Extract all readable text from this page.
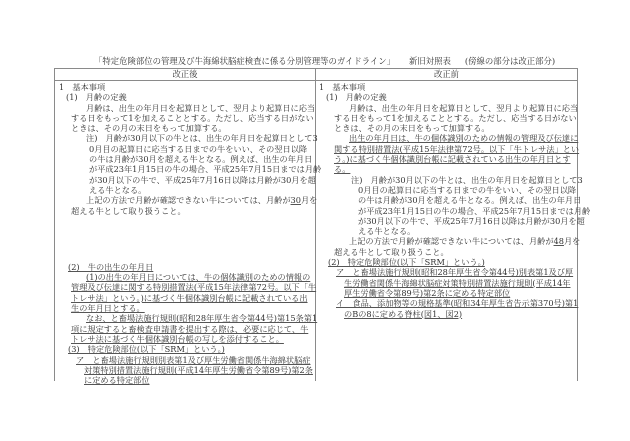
「特定危険部位の管理及び牛海綿状脳症検査に係る分別管理等のガイドライン」 新旧対照表 (傍線の部分は改正部分)
改正後	改正前
1　基本事項
(1)　月齢の定義
月齢は、出生の年月日を起算日として、翌月より起算日に応当
する日をもって1を加えることとする。ただし、応当する日がない
ときは、その月の末日をもって加算する。
注)　月齢が30月以下の牛とは、出生の年月日を起算日として3
0月目の起算日に応当する日までの牛をいい、その翌日以降
の牛は月齢が30月を超える牛となる。例えば、出生の年月日
が平成23年1月15日の牛の場合、平成25年7月15日までは月齢
が30月以下の牛で、平成25年7月16日以降は月齢が30月を超
える牛となる。
上記の方法で月齢が確認できない牛については、月齢が30月を
超える牛として取り扱うこと。
(2)　牛の出生の年月日
(1)の出生の年月日については、牛の個体識別のための情報の
管理及び伝達に関する特別措置法(平成15年法律第72号。以下「牛
トレサ法」という。)に基づく牛個体識別台帳に記載されている出
生の年月日とする。
なお、と畜場法施行規則(昭和28年厚生省令第44号)第15条第1
項に規定すると畜検査申請書を提出する際は、必要に応じて、牛
トレサ法に基づく牛個体識別台帳の写しを添付すること。
(3)　特定危険部位(以下「SRM」という。)
ア　と畜場法施行規則別表第1及び厚生労働省関係牛海綿状脳症
対策特別措置法施行規則(平成14年厚生労働省令第89号)第2条
に定める特定部位
1　基本事項
(1)　月齢の定義
月齢は、出生の年月日を起算日として、翌月より起算日に応当
する日をもって1を加えることとする。ただし、応当する日がない
ときは、その月の末日をもって加算する。
出生の年月日は、牛の個体識別のための情報の管理及び伝達に
関する特別措置法(平成15年法律第72号。以下「牛トレサ法」とい
う。)に基づく牛個体識別台帳に記載されている出生の年月日とす
る。
注)　月齢が30月以下の牛とは、出生の年月日を起算日として3
0月目の起算日に応当する日までの牛をいい、その翌日以降
の牛は月齢が30月を超える牛となる。例えば、出生の年月日
が平成23年1月15日の牛の場合、平成25年7月15日までは月齢
が30月以下の牛で、平成25年7月16日以降は月齢が30月を超
える牛となる。
上記の方法で月齢が確認できない牛については、月齢が48月を
超える牛として取り扱うこと。
(2)　特定危険部位(以下「SRM」という。)
ア　と畜場法施行規則(昭和28年厚生省令第44号)別表第1及び厚
生労働省関係牛海綿状脳症対策特別措置法施行規則(平成14年
厚生労働省令第89号)第2条に定める特定部位
イ　食品、添加物等の規格基準(昭和34年厚生省告示第370号)第1
のBの8に定める脊柱(図1、図2)
